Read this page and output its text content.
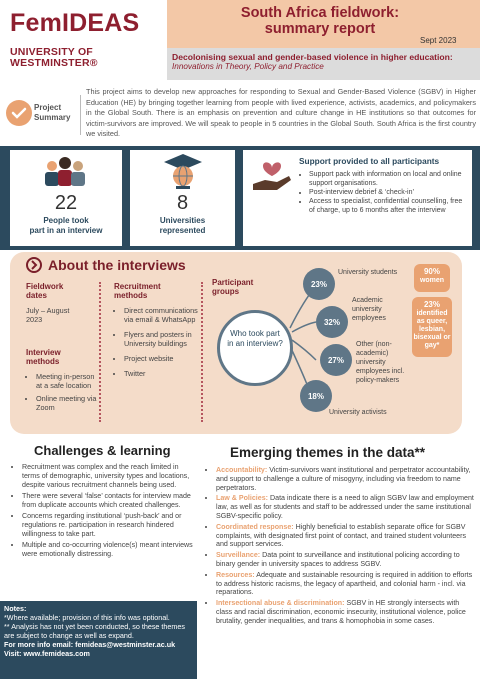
FemIDEAS
UNIVERSITY OF
WESTMINSTER®
South Africa fieldwork:
summary report
Sept 2023
Decolonising sexual and gender-based violence in higher education:
Innovations in Theory, Policy and Practice
Project
Summary
This project aims to develop new approaches for responding to Sexual and Gender-Based Violence (SGBV) in Higher Education (HE) by bringing together learning from people with lived experience, activists, academics, and policymakers in the Global South. There is an emphasis on prevention and culture change in HE institutions so that outcomes for victim-survivors are improved. We will speak to people in 5 countries in the Global South. South Africa is the first country we visited.
22
People took
part in an interview
8
Universities
represented
Support provided to all participants
• Support pack with information on local and online support organisations.
• Post-interview debrief & ‘check-in’
• Access to specialist, confidential counselling, free of charge, up to 6 months after the interview
About the interviews
Fieldwork
dates
July – August
2023
Interview
methods
• Meeting in-person at a safe location
• Online meeting via Zoom
Recruitment
methods
• Direct communications via email & WhatsApp
• Flyers and posters in University buildings
• Project website
• Twitter
Participant
groups
Who took part in an interview?
23%
University students
32%
Academic university employees
27%
Other (non-academic) university employees incl. policy-makers
18%
University activists
90%
women
23%
identified as queer, lesbian, bisexual or gay*
Challenges & learning
• Recruitment was complex and the reach limited in terms of demographic, university types and locations, despite various recruitment channels being used.
• There were several ‘false’ contacts for interview made from duplicate accounts which created challenges.
• Concerns regarding institutional ‘push-back’ and or regulations re. participation in research hindered willingness to take part.
• Multiple and co-occurring violence(s) meant interviews were emotionally distressing.
Emerging themes in the data**
• Accountability: Victim-survivors want institutional and perpetrator accountability, and support to challenge a culture of misogyny, including via freedom to name perpetrators.
• Law & Policies: Data indicate there is a need to align SGBV law and employment law, as well as for students and staff to be addressed under the same institutional SGBV-specific policy.
• Coordinated response: Highly beneficial to establish separate office for SGBV complaints, with designated first point of contact, and trained student volunteers and support services.
• Surveillance: Data point to surveillance and institutional policing according to binary gender in university spaces to address SGBV.
• Resources: Adequate and sustainable resourcing is required in addition to efforts to address historic racisms, the legacy of apartheid, and colonial harm - incl. via reparations.
• Intersectional abuse & discrimination: SGBV in HE strongly intersects with class and racial discrimination, economic insecurity, institutional violence, police brutality, gender inequalities, and trans & homophobia in some cases.
Notes:
*Where available; provision of this info was optional.
** Analysis has not yet been conducted, so these themes are subject to change as well as expand.
For more info email: femideas@westminster.ac.uk
Visit: www.femideas.com
